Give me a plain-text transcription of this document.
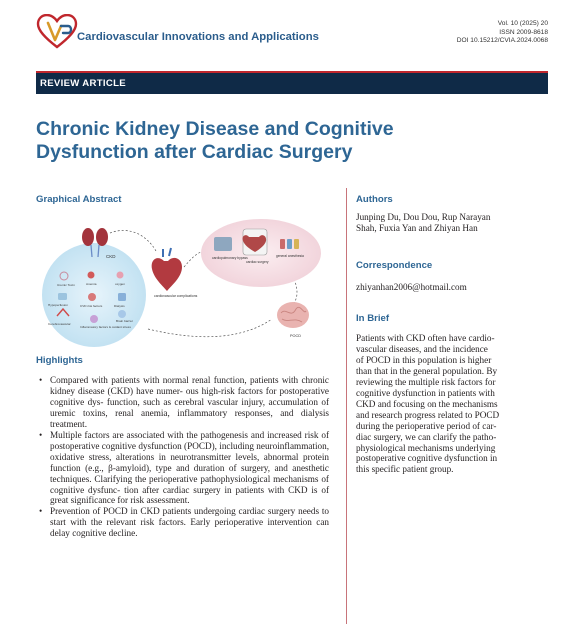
Cardiovascular Innovations and Applications
Vol. 10 (2025) 20
ISSN 2009-8618
DOI 10.15212/CVIA.2024.0068
REVIEW ARTICLE
Chronic Kidney Disease and Cognitive
Dysfunction after Cardiac Surgery
Graphical Abstract
CKD
Uremic Toxin	Anemia	oxygen
Hypoperfusion	CVD risk factors	Dialysis
Cerebrovascular
Inflammatory factors & oxidant stress
Brain barrier
cardiovascular complications
cardiopulmonary bypass
cardiac surgery
general anesthesia
POCD
Highlights
• Compared with patients with normal renal function, patients with chronic kidney disease (CKD) have numer- ous high-risk factors for postoperative cognitive dys- function, such as cerebral vascular injury, accumulation of uremic toxins, renal anemia, inflammatory responses, and dialysis treatment.
• Multiple factors are associated with the pathogenesis and increased risk of postoperative cognitive dysfunction (POCD), including neuroinflammation, oxidative stress, alterations in neurotransmitter levels, abnormal protein function (e.g., β-amyloid), type and duration of surgery, and anesthetic techniques. Clarifying the perioperative pathophysiological mechanisms of cognitive dysfunc- tion after cardiac surgery in patients with CKD is of great significance for risk assessment.
• Prevention of POCD in CKD patients undergoing cardiac surgery needs to start with the relevant risk factors. Early perioperative intervention can delay cognitive decline.
Authors
Junping Du, Dou Dou, Rup Narayan
Shah, Fuxia Yan and Zhiyan Han
Correspondence
zhiyanhan2006@hotmail.com
In Brief
Patients with CKD often have cardio-
vascular diseases, and the incidence
of POCD in this population is higher
than that in the general population. By
reviewing the multiple risk factors for
cognitive dysfunction in patients with
CKD and focusing on the mechanisms
and research progress related to POCD
during the perioperative period of car-
diac surgery, we can clarify the patho-
physiological mechanisms underlying
postoperative cognitive dysfunction in
this specific patient group.
